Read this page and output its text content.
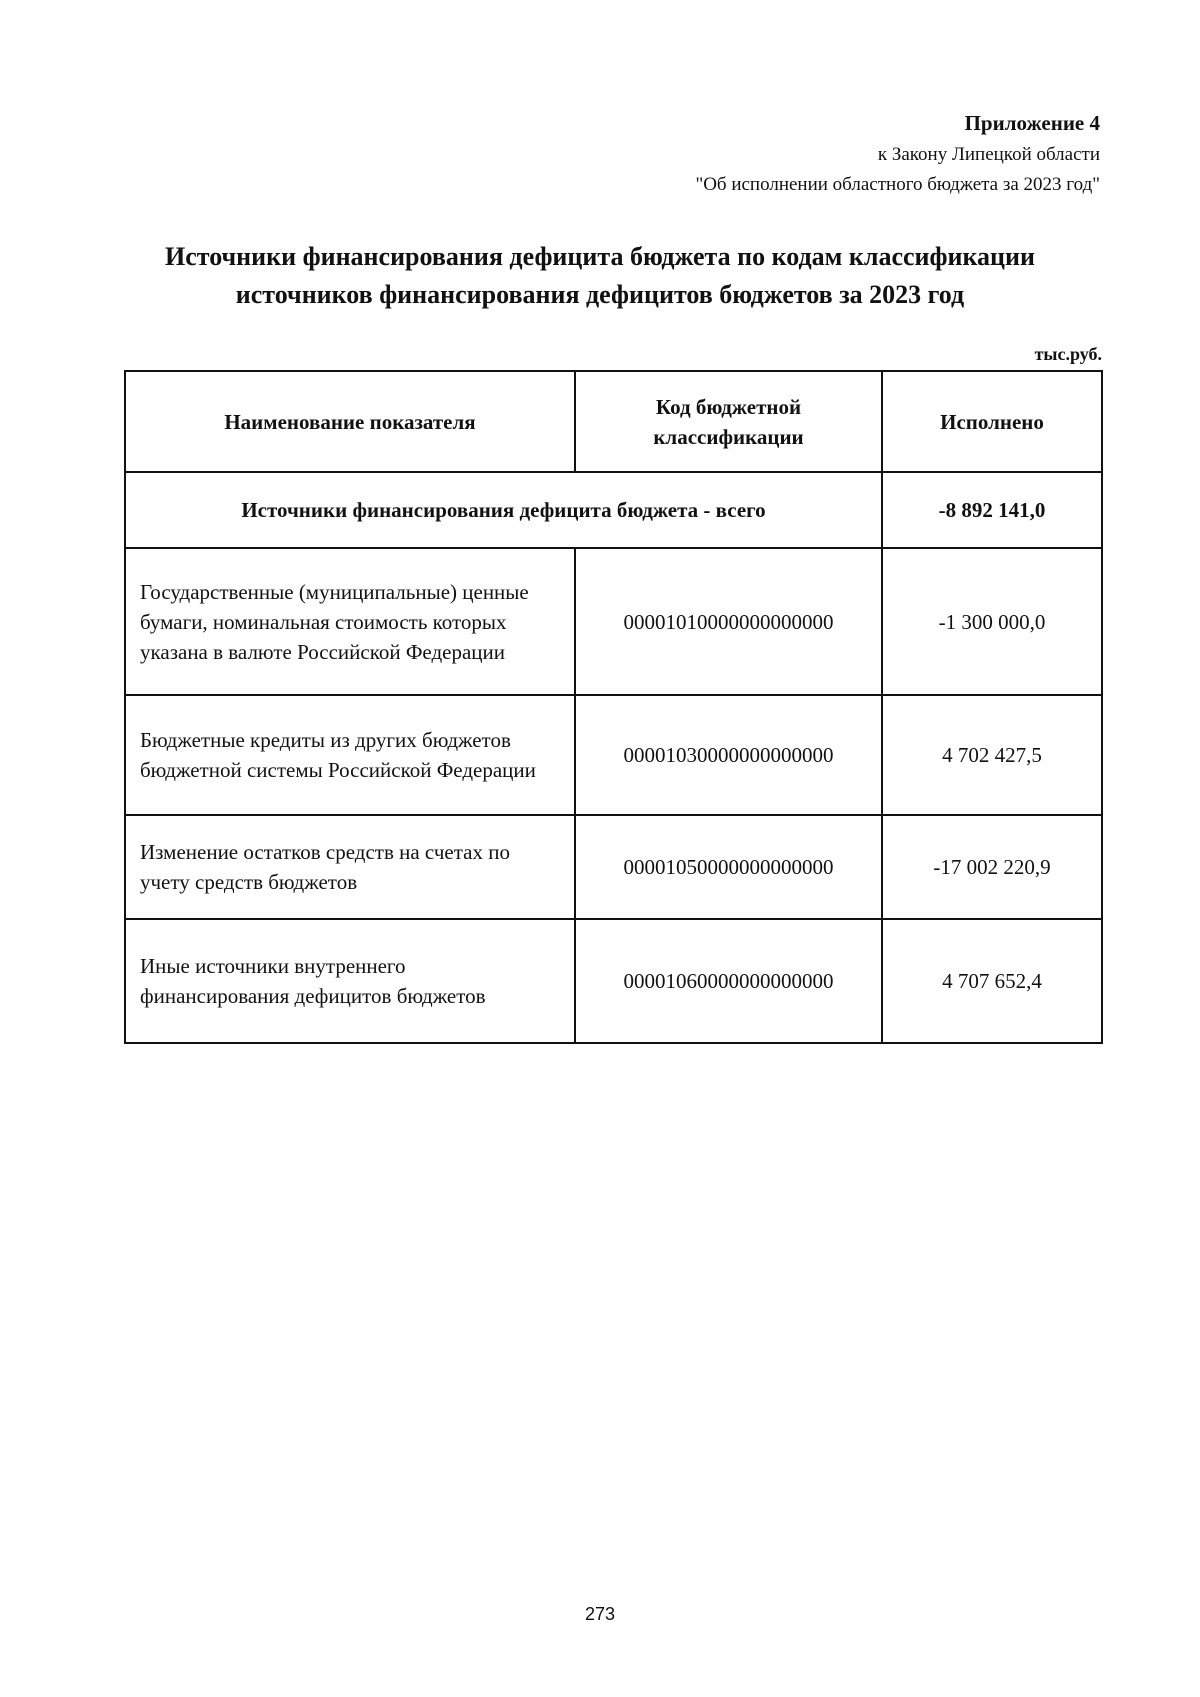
Приложение 4
к Закону Липецкой области
"Об исполнении областного бюджета за 2023 год"
Источники финансирования дефицита бюджета по кодам классификации
источников финансирования дефицитов бюджетов за 2023 год
тыс.руб.
Наименование показателя	Код бюджетной классификации	Исполнено
Источники финансирования дефицита бюджета - всего		-8 892 141,0
Государственные (муниципальные) ценные бумаги, номинальная стоимость которых указана в валюте Российской Федерации	00001010000000000000	-1 300 000,0
Бюджетные кредиты из других бюджетов бюджетной системы Российской Федерации	00001030000000000000	4 702 427,5
Изменение остатков средств на счетах по учету средств бюджетов	00001050000000000000	-17 002 220,9
Иные источники внутреннего финансирования дефицитов бюджетов	00001060000000000000	4 707 652,4
273
